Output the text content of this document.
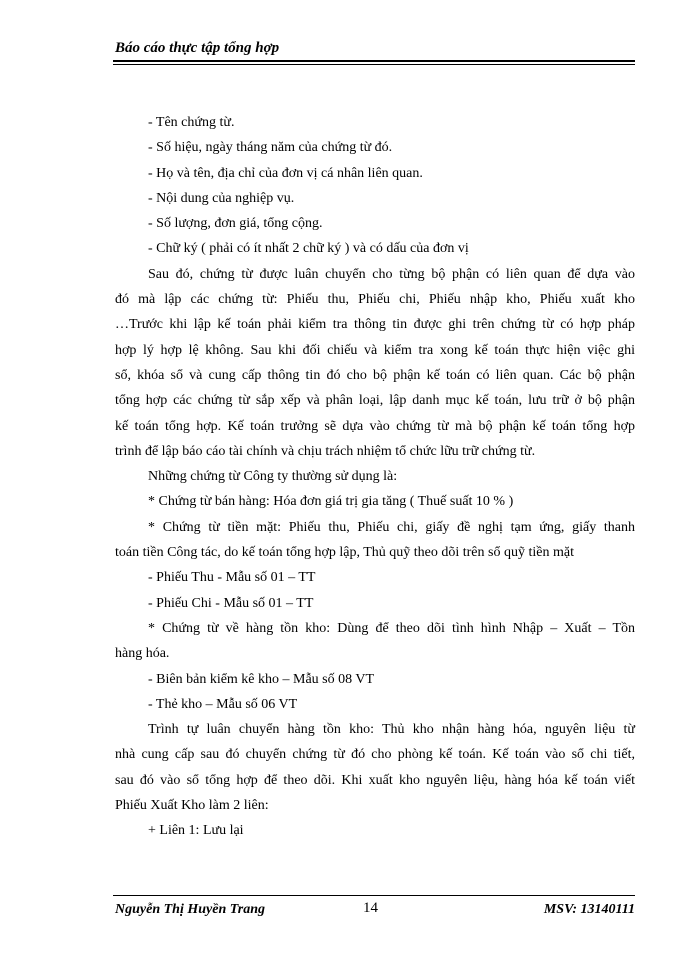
Báo cáo thực tập tổng hợp

- Tên chứng từ.

- Số hiệu, ngày tháng năm của chứng từ đó.

- Họ và tên, địa chỉ của đơn vị cá nhân liên quan.

- Nội dung của nghiệp vụ.

- Số lượng, đơn giá, tổng cộng.

- Chữ ký ( phải có ít nhất 2 chữ ký ) và có dấu của đơn vị

Sau đó, chứng từ được luân chuyển cho từng bộ phận có liên quan để dựa vào

đó mà lập các chứng từ: Phiếu thu, Phiếu chi, Phiếu nhập kho, Phiếu xuất kho

…Trước khi lập kế toán phải kiểm tra thông tin được ghi trên chứng từ có hợp pháp

hợp lý hợp lệ không. Sau khi đối chiếu và kiểm tra xong kế toán thực hiện việc ghi

sổ, khóa sổ và cung cấp thông tin đó cho bộ phận kế toán có liên quan. Các bộ phận

tổng hợp các chứng từ sắp xếp và phân loại, lập danh mục kế toán, lưu trữ ở bộ phận

kế toán tổng hợp. Kế toán trưởng sẽ dựa vào chứng từ mà bộ phận kế toán tổng hợp

trình để lập báo cáo tài chính và chịu trách nhiệm tổ chức lữu trữ chứng từ.

Những chứng từ Công ty thường sử dụng là:

* Chứng từ bán hàng: Hóa đơn giá trị gia tăng ( Thuế suất 10 % )

* Chứng từ tiền mặt: Phiếu thu, Phiếu chi, giấy đề nghị tạm ứng, giấy thanh

toán tiền Công tác, do kế toán tổng hợp lập, Thủ quỹ theo dõi trên sổ quỹ tiền mặt

- Phiếu Thu - Mẫu số 01 – TT

- Phiếu Chi - Mẫu số 01 – TT

* Chứng từ về hàng tồn kho: Dùng để theo dõi tình hình Nhập – Xuất – Tồn

hàng hóa.

- Biên bản kiểm kê kho – Mẫu số 08 VT

- Thẻ kho – Mẫu số 06 VT

Trình tự luân chuyển hàng tồn kho: Thủ kho nhận hàng hóa, nguyên liệu từ

nhà cung cấp sau đó chuyển chứng từ đó cho phòng kế toán. Kế toán vào sổ chi tiết,

sau đó vào sổ tổng hợp để theo dõi. Khi xuất kho nguyên liệu, hàng hóa kế toán viết

Phiếu Xuất Kho làm 2 liên:

+ Liên 1: Lưu lại

Nguyễn Thị Huyền Trang	14	MSV: 13140111
